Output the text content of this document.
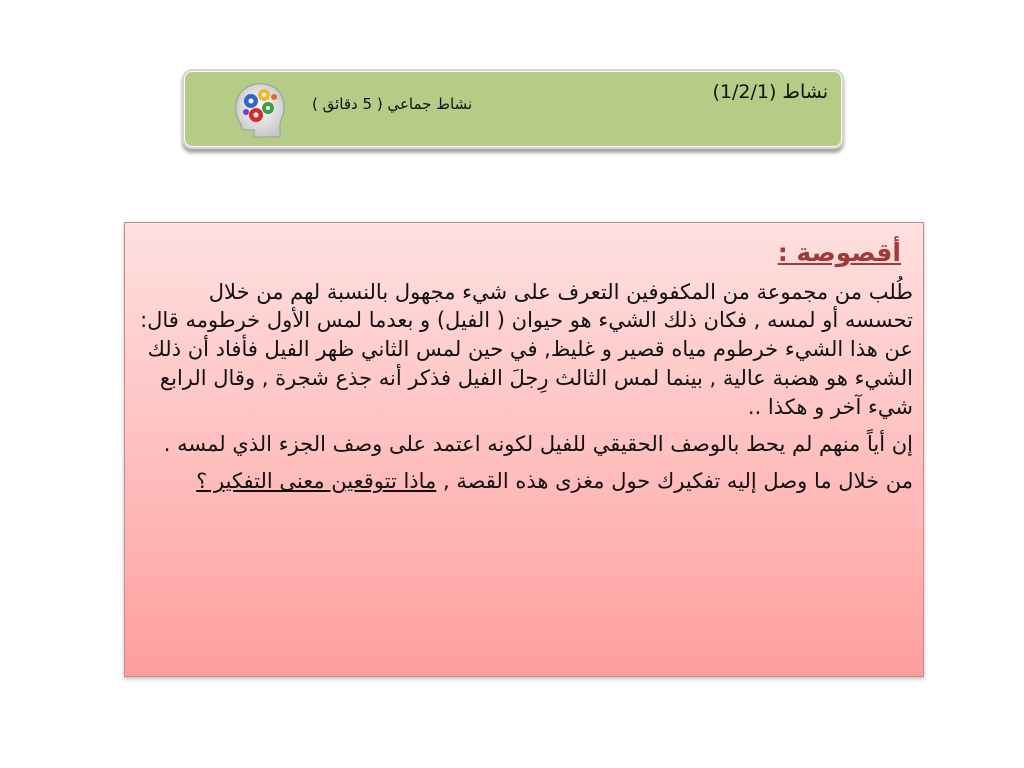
نشاط (1/2/1)
نشاط جماعي ( 5 دقائق )
أقصوصة :

طُلب من مجموعة من المكفوفين التعرف على شيء مجهول بالنسبة لهم من خلال تحسسه أو لمسه , فكان ذلك الشيء هو حيوان ( الفيل) و بعدما لمس الأول خرطومه قال: عن هذا الشيء خرطوم مياه قصير و غليظ, في حين لمس الثاني ظهر الفيل فأفاد أن ذلك الشيء هو هضبة عالية , بينما لمس الثالث رِجلَ الفيل فذكر أنه جذع شجرة , وقال الرابع شيء آخر و هكذا ..

إن أياً منهم لم يحط بالوصف الحقيقي للفيل لكونه اعتمد على وصف الجزء الذي لمسه .

من خلال ما وصل إليه تفكيرك حول مغزى هذه القصة , ماذا تتوقعين معنى التفكير ؟
